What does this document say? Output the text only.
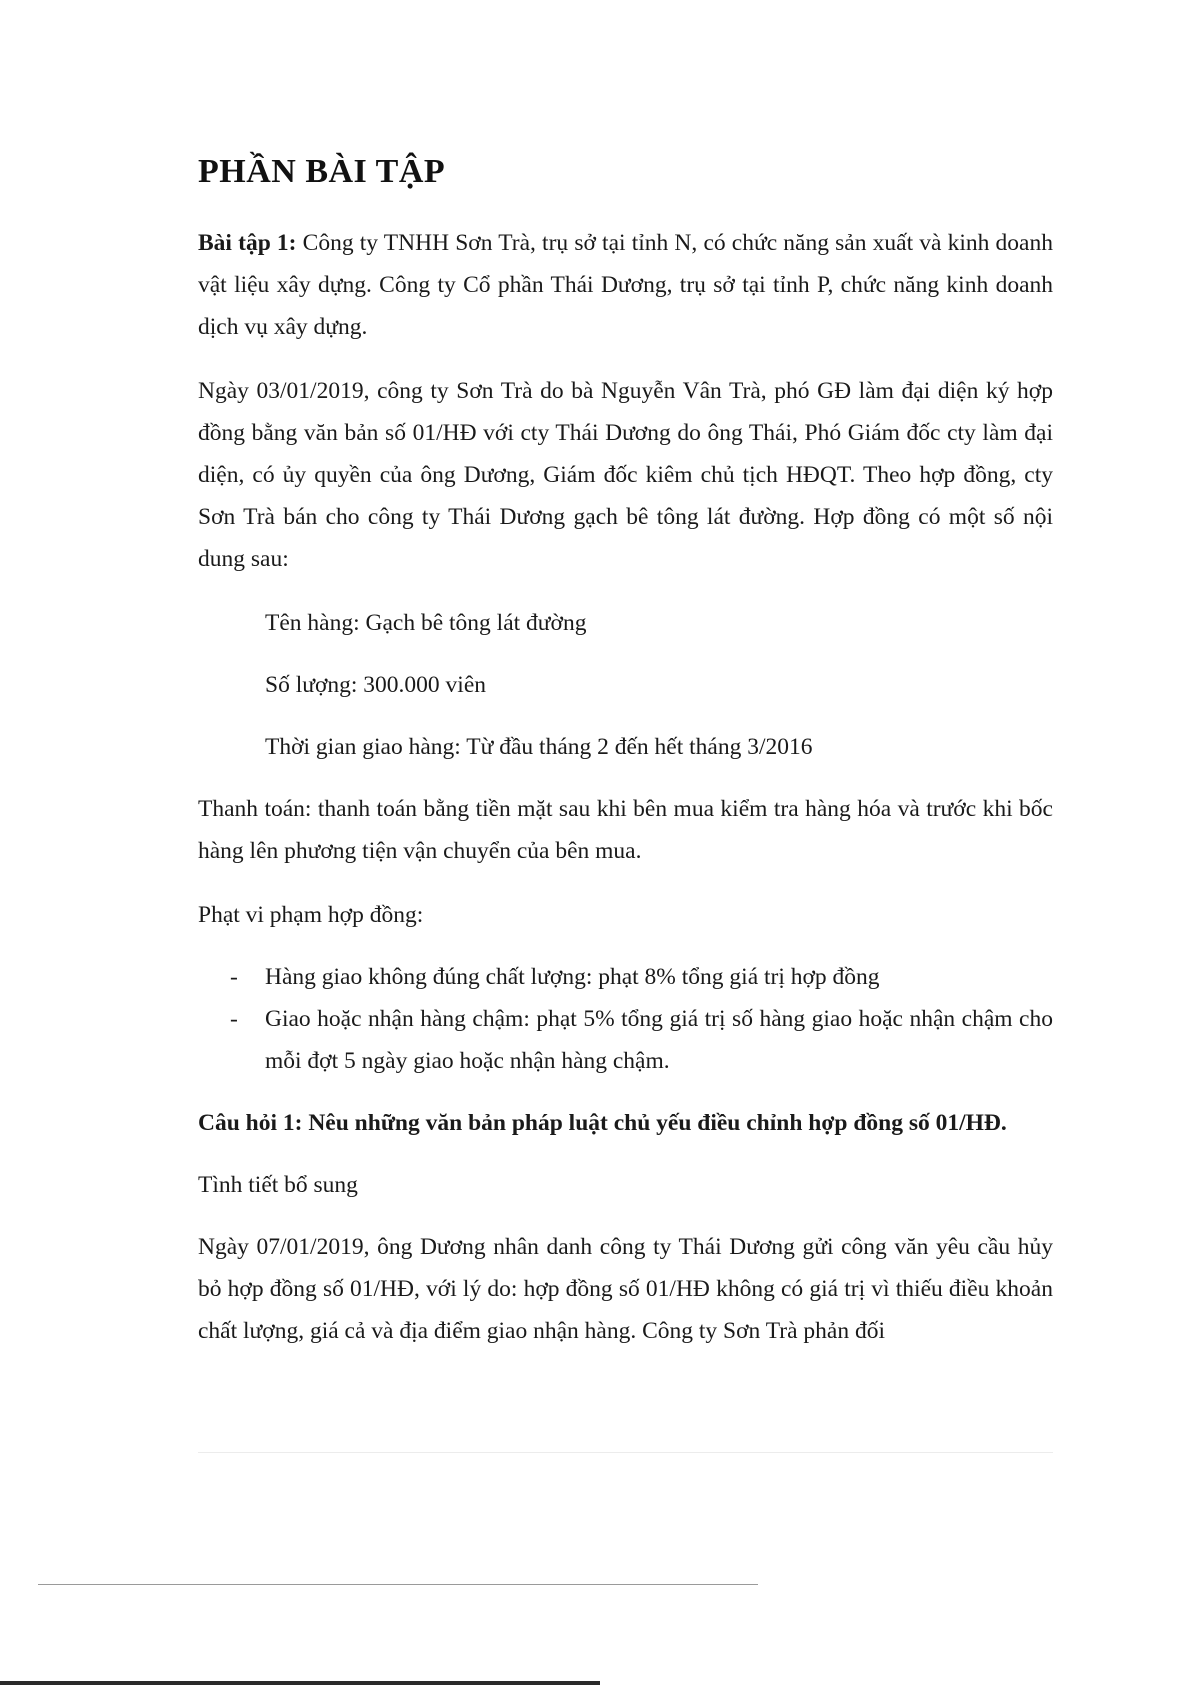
PHẦN BÀI TẬP

Bài tập 1: Công ty TNHH Sơn Trà, trụ sở tại tỉnh N, có chức năng sản xuất và kinh doanh vật liệu xây dựng. Công ty Cổ phần Thái Dương, trụ sở tại tỉnh P, chức năng kinh doanh dịch vụ xây dựng.

Ngày 03/01/2019, công ty Sơn Trà do bà Nguyễn Vân Trà, phó GĐ làm đại diện ký hợp đồng bằng văn bản số 01/HĐ với cty Thái Dương do ông Thái, Phó Giám đốc cty làm đại diện, có ủy quyền của ông Dương, Giám đốc kiêm chủ tịch HĐQT. Theo hợp đồng, cty Sơn Trà bán cho công ty Thái Dương gạch bê tông lát đường. Hợp đồng có một số nội dung sau:

Tên hàng: Gạch bê tông lát đường

Số lượng: 300.000 viên

Thời gian giao hàng: Từ đầu tháng 2 đến hết tháng 3/2016

Thanh toán: thanh toán bằng tiền mặt sau khi bên mua kiểm tra hàng hóa và trước khi bốc hàng lên phương tiện vận chuyển của bên mua.

Phạt vi phạm hợp đồng:

- Hàng giao không đúng chất lượng: phạt 8% tổng giá trị hợp đồng
- Giao hoặc nhận hàng chậm: phạt 5% tổng giá trị số hàng giao hoặc nhận chậm cho mỗi đợt 5 ngày giao hoặc nhận hàng chậm.

Câu hỏi 1: Nêu những văn bản pháp luật chủ yếu điều chỉnh hợp đồng số 01/HĐ.

Tình tiết bổ sung

Ngày 07/01/2019, ông Dương nhân danh công ty Thái Dương gửi công văn yêu cầu hủy bỏ hợp đồng số 01/HĐ, với lý do: hợp đồng số 01/HĐ không có giá trị vì thiếu điều khoản chất lượng, giá cả và địa điểm giao nhận hàng. Công ty Sơn Trà phản đối
